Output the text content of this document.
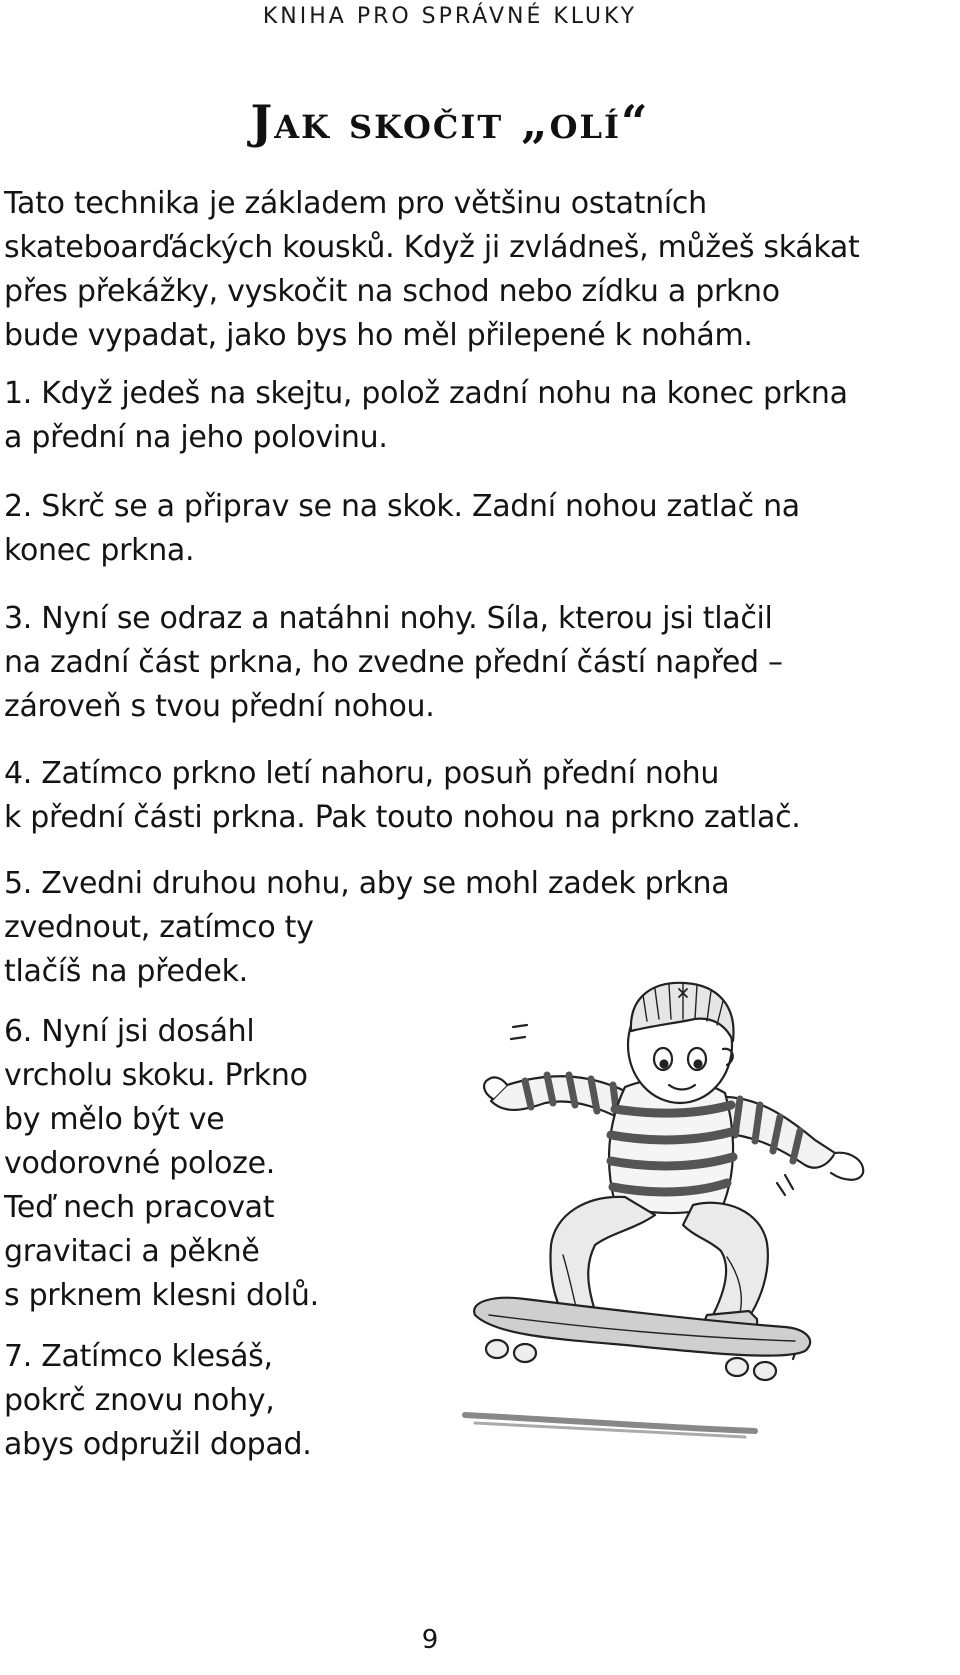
KNIHA PRO SPRÁVNÉ KLUKY
Jak skočit „olí“
Tato technika je základem pro většinu ostatních
skateboarďáckých kousků. Když ji zvládneš, můžeš skákat
přes překážky, vyskočit na schod nebo zídku a prkno
bude vypadat, jako bys ho měl přilepené k nohám.
1. Když jedeš na skejtu, polož zadní nohu na konec prkna
a přední na jeho polovinu.
2. Skrč se a připrav se na skok. Zadní nohou zatlač na
konec prkna.
3. Nyní se odraz a natáhni nohy. Síla, kterou jsi tlačil
na zadní část prkna, ho zvedne přední částí napřed –
zároveň s tvou přední nohou.
4. Zatímco prkno letí nahoru, posuň přední nohu
k přední části prkna. Pak touto nohou na prkno zatlač.
5. Zvedni druhou nohu, aby se mohl zadek prkna
zvednout, zatímco ty
tlačíš na předek.
6. Nyní jsi dosáhl
vrcholu skoku. Prkno
by mělo být ve
vodorovné poloze.
Teď nech pracovat
gravitaci a pěkně
s prknem klesni dolů.
7. Zatímco klesáš,
pokrč znovu nohy,
abys odpružil dopad.
9
